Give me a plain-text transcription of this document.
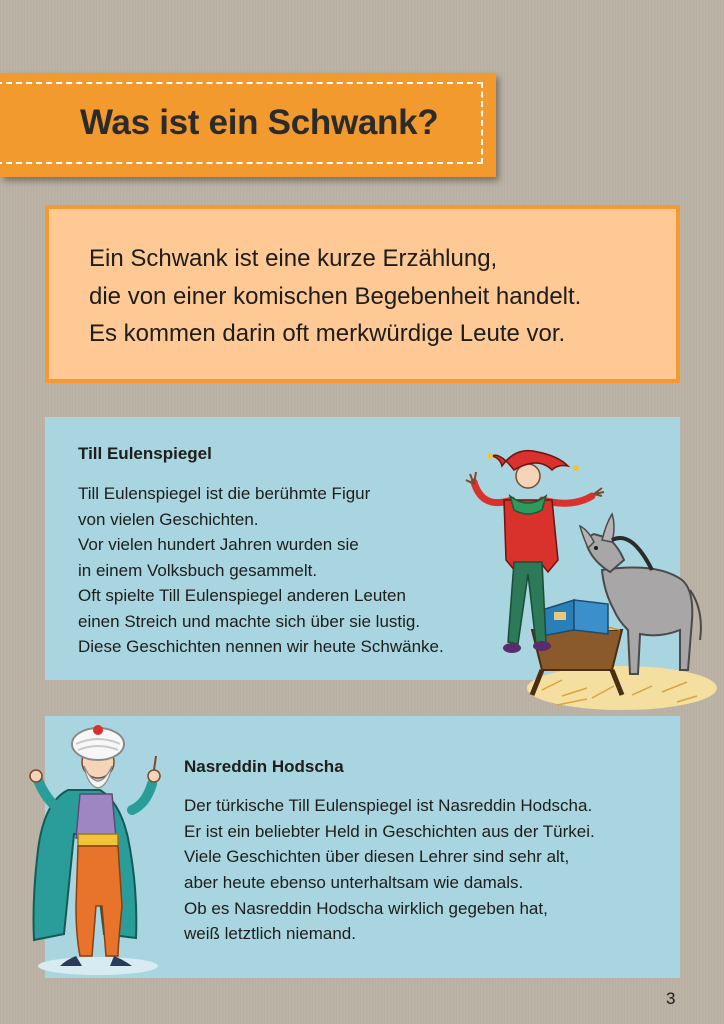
Was ist ein Schwank?

Ein Schwank ist eine kurze Erzählung,

die von einer komischen Begebenheit handelt.

Es kommen darin oft merkwürdige Leute vor.

Till Eulenspiegel

Till Eulenspiegel ist die berühmte Figur

von vielen Geschichten.

Vor vielen hundert Jahren wurden sie

in einem Volksbuch gesammelt.

Oft spielte Till Eulenspiegel anderen Leuten

einen Streich und machte sich über sie lustig.

Diese Geschichten nennen wir heute Schwänke.

Nasreddin Hodscha

Der türkische Till Eulenspiegel ist Nasreddin Hodscha.

Er ist ein beliebter Held in Geschichten aus der Türkei.

Viele Geschichten über diesen Lehrer sind sehr alt,

aber heute ebenso unterhaltsam wie damals.

Ob es Nasreddin Hodscha wirklich gegeben hat,

weiß letztlich niemand.

3
